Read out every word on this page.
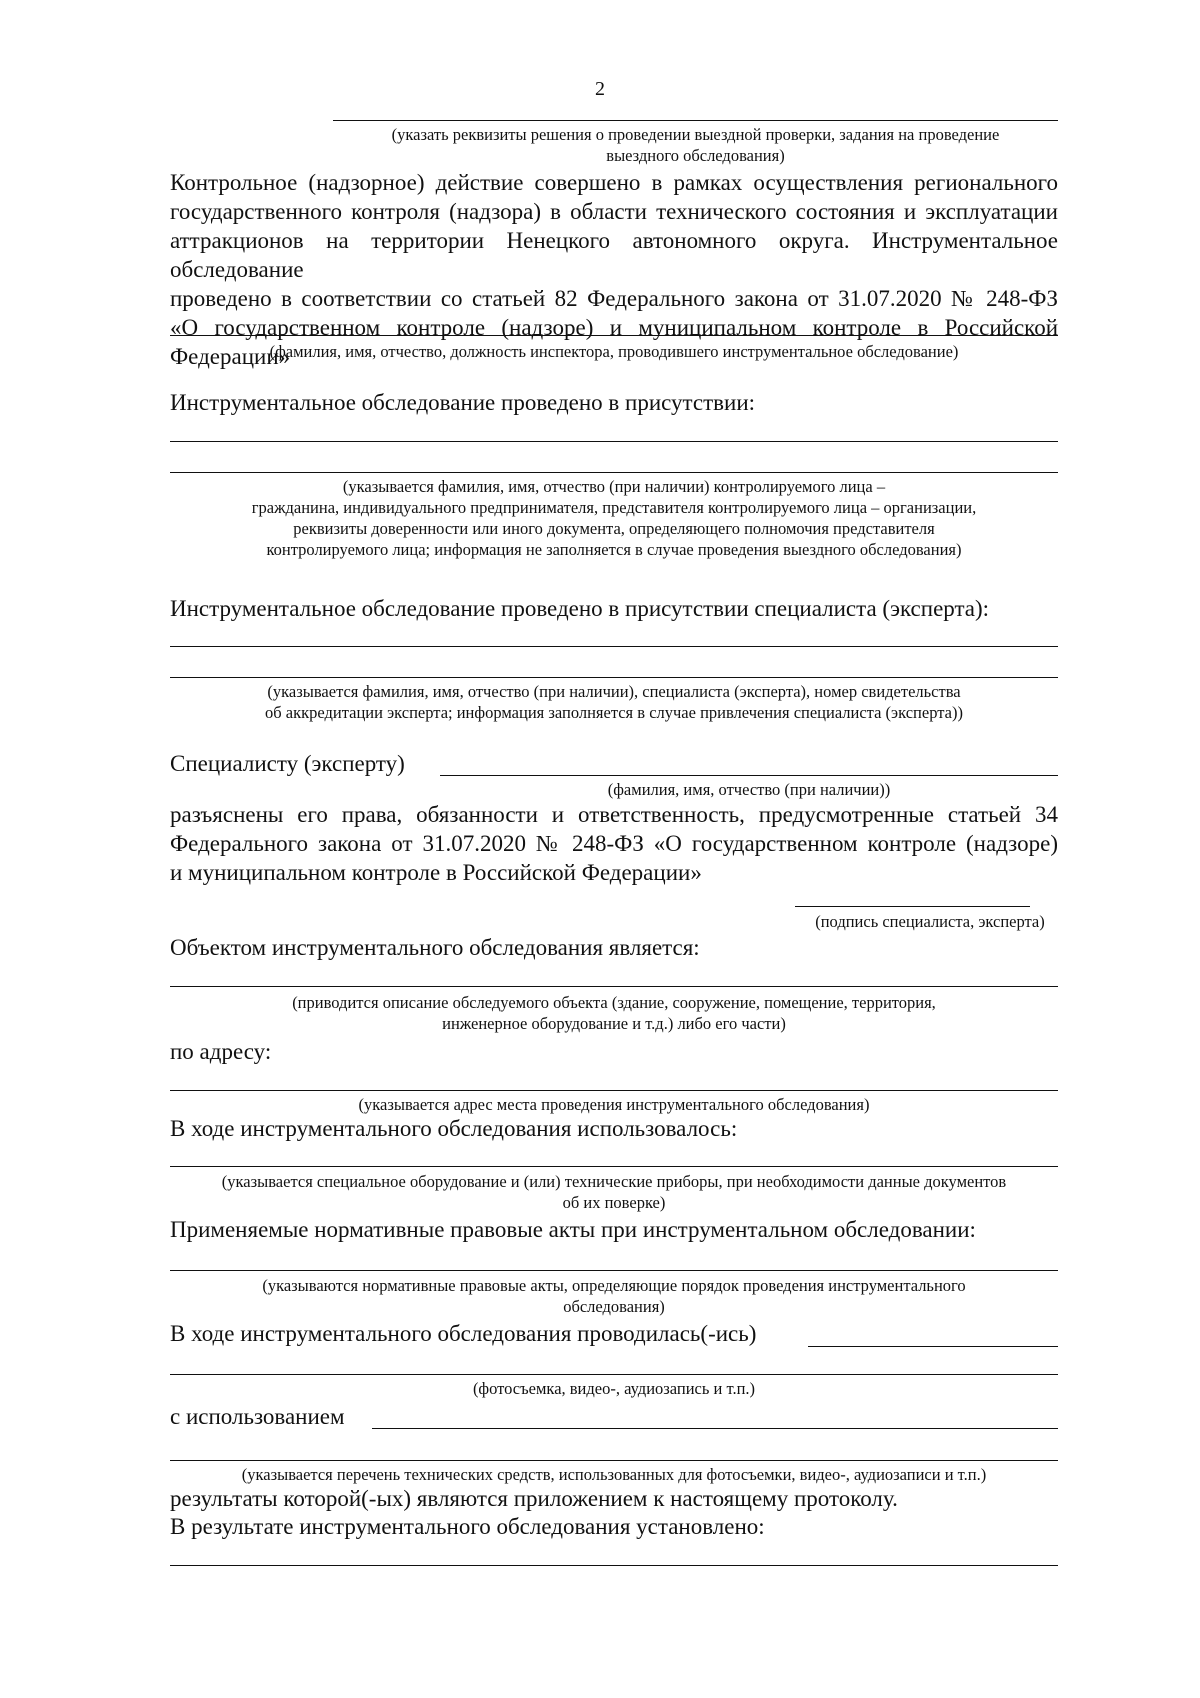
2
(указать реквизиты решения о проведении выездной проверки, задания на проведение
выездного обследования)
Контрольное (надзорное) действие совершено в рамках осуществления регионального
государственного контроля (надзора) в области технического состояния и эксплуатации
аттракционов на территории Ненецкого автономного округа. Инструментальное обследование
проведено в соответствии со статьей 82 Федерального закона от 31.07.2020 № 248-ФЗ
«О государственном контроле (надзоре) и муниципальном контроле в Российской Федерации»
(фамилия, имя, отчество, должность инспектора, проводившего инструментальное обследование)
Инструментальное обследование проведено в присутствии:
(указывается фамилия, имя, отчество (при наличии) контролируемого лица –
гражданина, индивидуального предпринимателя, представителя контролируемого лица – организации,
реквизиты доверенности или иного документа, определяющего полномочия представителя
контролируемого лица; информация не заполняется в случае проведения выездного обследования)
Инструментальное обследование проведено в присутствии специалиста (эксперта):
(указывается фамилия, имя, отчество (при наличии), специалиста (эксперта), номер свидетельства
об аккредитации эксперта; информация заполняется в случае привлечения специалиста (эксперта))
Специалисту (эксперту)
(фамилия, имя, отчество (при наличии))
разъяснены его права, обязанности и ответственность, предусмотренные статьей 34
Федерального закона от 31.07.2020 № 248-ФЗ «О государственном контроле (надзоре)
и муниципальном контроле в Российской Федерации»
(подпись специалиста, эксперта)
Объектом инструментального обследования является:
(приводится описание обследуемого объекта (здание, сооружение, помещение, территория,
инженерное оборудование и т.д.) либо его части)
по адресу:
(указывается адрес места проведения инструментального обследования)
В ходе инструментального обследования использовалось:
(указывается специальное оборудование и (или) технические приборы, при необходимости данные документов
об их поверке)
Применяемые нормативные правовые акты при инструментальном обследовании:
(указываются нормативные правовые акты, определяющие порядок проведения инструментального
обследования)
В ходе инструментального обследования проводилась(-ись)
(фотосъемка, видео-, аудиозапись и т.п.)
с использованием
(указывается перечень технических средств, использованных для фотосъемки, видео-, аудиозаписи и т.п.)
результаты которой(-ых) являются приложением к настоящему протоколу.
В результате инструментального обследования установлено:
